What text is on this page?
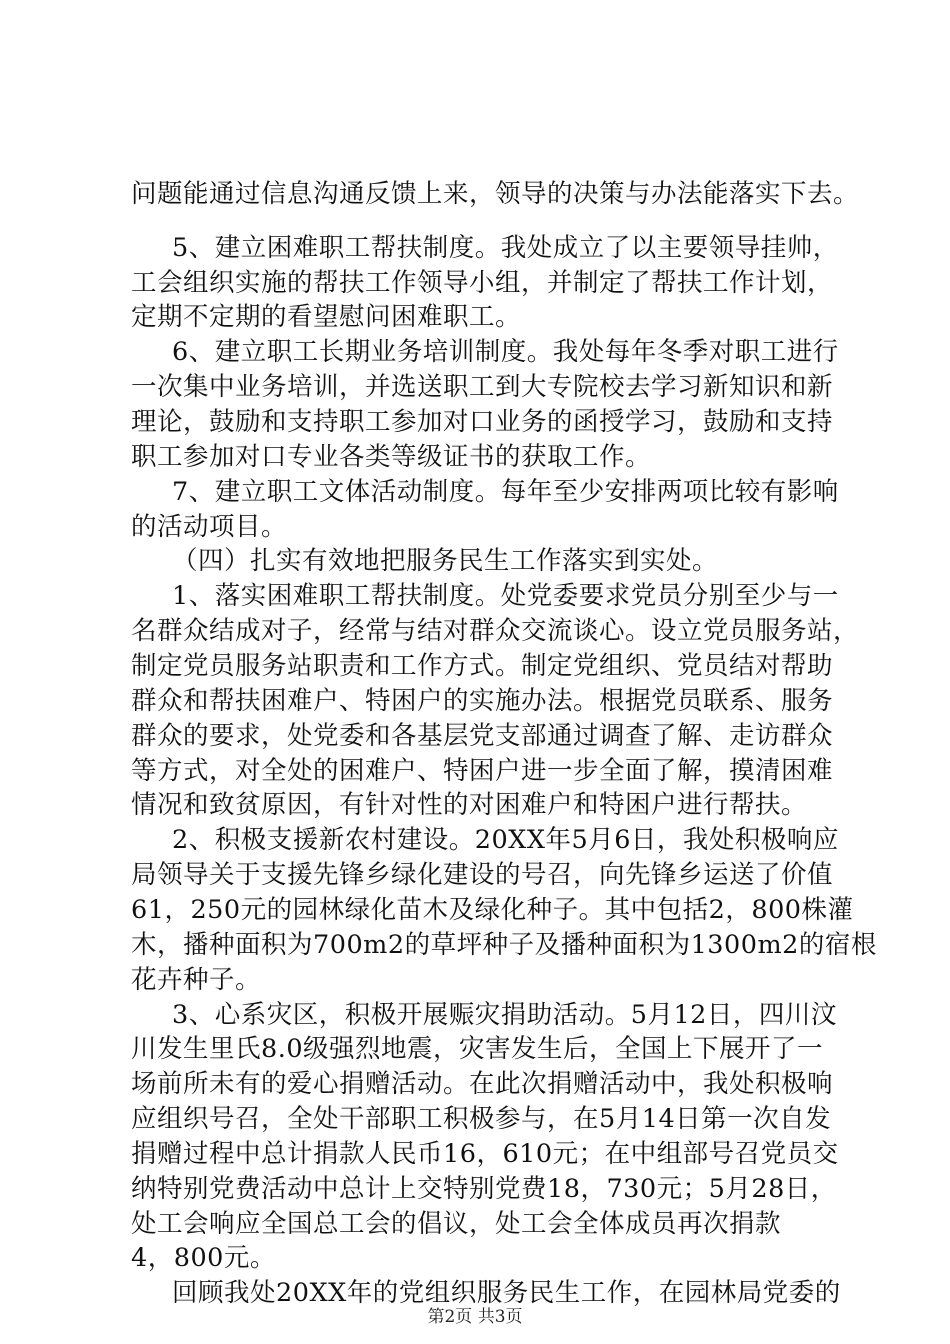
问题能通过信息沟通反馈上来，领导的决策与办法能落实下去。
5、建立困难职工帮扶制度。我处成立了以主要领导挂帅，
工会组织实施的帮扶工作领导小组，并制定了帮扶工作计划，
定期不定期的看望慰问困难职工。
6、建立职工长期业务培训制度。我处每年冬季对职工进行
一次集中业务培训，并选送职工到大专院校去学习新知识和新
理论，鼓励和支持职工参加对口业务的函授学习，鼓励和支持
职工参加对口专业各类等级证书的获取工作。
7、建立职工文体活动制度。每年至少安排两项比较有影响
的活动项目。
（四）扎实有效地把服务民生工作落实到实处。
1、落实困难职工帮扶制度。处党委要求党员分别至少与一
名群众结成对子，经常与结对群众交流谈心。设立党员服务站，
制定党员服务站职责和工作方式。制定党组织、党员结对帮助
群众和帮扶困难户、特困户的实施办法。根据党员联系、服务
群众的要求，处党委和各基层党支部通过调查了解、走访群众
等方式，对全处的困难户、特困户进一步全面了解，摸清困难
情况和致贫原因，有针对性的对困难户和特困户进行帮扶。
2、积极支援新农村建设。20XX年5月6日，我处积极响应
局领导关于支援先锋乡绿化建设的号召，向先锋乡运送了价值
61，250元的园林绿化苗木及绿化种子。其中包括2，800株灌
木，播种面积为700m2的草坪种子及播种面积为1300m2的宿根
花卉种子。
3、心系灾区，积极开展赈灾捐助活动。5月12日，四川汶
川发生里氏8.0级强烈地震，灾害发生后，全国上下展开了一
场前所未有的爱心捐赠活动。在此次捐赠活动中，我处积极响
应组织号召，全处干部职工积极参与，在5月14日第一次自发
捐赠过程中总计捐款人民币16，610元；在中组部号召党员交
纳特别党费活动中总计上交特别党费18，730元；5月28日，
处工会响应全国总工会的倡议，处工会全体成员再次捐款
4，800元。
回顾我处20XX年的党组织服务民生工作，在园林局党委的
第2页 共3页
